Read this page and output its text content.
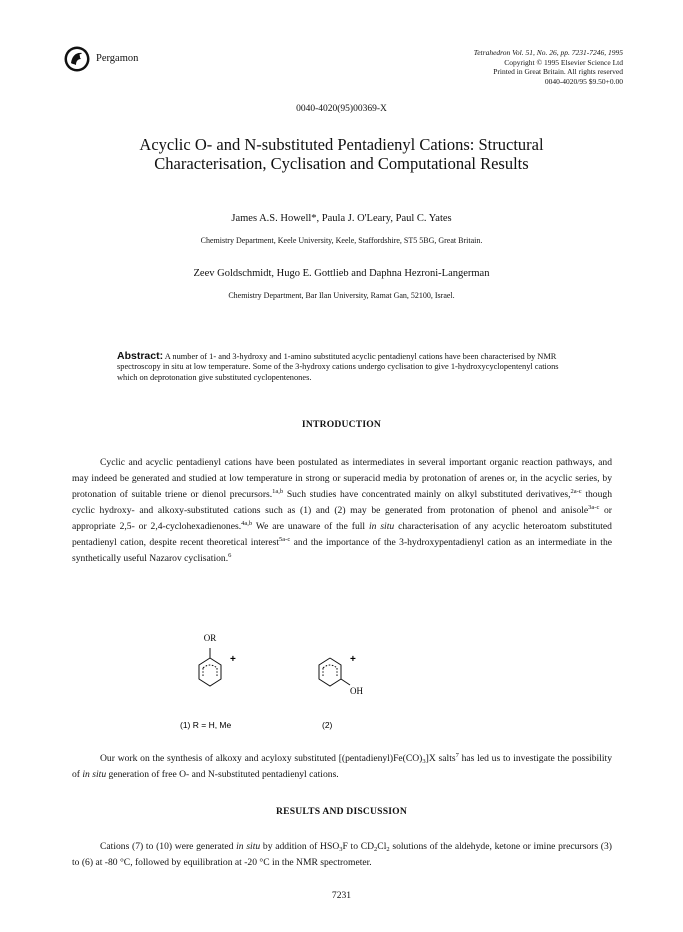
Pergamon
Tetrahedron Vol. 51, No. 26, pp. 7231-7246, 1995
Copyright © 1995 Elsevier Science Ltd
Printed in Great Britain. All rights reserved
0040-4020/95 $9.50+0.00
0040-4020(95)00369-X
Acyclic O- and N-substituted Pentadienyl Cations: Structural
Characterisation, Cyclisation and Computational Results
James A.S. Howell*, Paula J. O'Leary, Paul C. Yates
Chemistry Department, Keele University, Keele, Staffordshire, ST5 5BG, Great Britain.
Zeev Goldschmidt, Hugo E. Gottlieb and Daphna Hezroni-Langerman
Chemistry Department, Bar Ilan University, Ramat Gan, 52100, Israel.
Abstract: A number of 1- and 3-hydroxy and 1-amino substituted acyclic pentadienyl cations have been characterised by NMR spectroscopy in situ at low temperature. Some of the 3-hydroxy cations undergo cyclisation to give 1-hydroxycyclopentenyl cations which on deprotonation give substituted cyclopentenones.
INTRODUCTION

Cyclic and acyclic pentadienyl cations have been postulated as intermediates in several important organic reaction pathways, and may indeed be generated and studied at low temperature in strong or superacid media by protonation of arenes or, in the acyclic series, by protonation of suitable triene or dienol precursors.$^{1a,b}$ Such studies have concentrated mainly on alkyl substituted derivatives,$^{2a-c}$ though cyclic hydroxy- and alkoxy-substituted cations such as (1) and (2) may be generated from protonation of phenol and anisole$^{3a-c}$ or appropriate 2,5- or 2,4-cyclohexadienones.$^{4a,b}$ We are unaware of the full in situ characterisation of any acyclic heteroatom substituted pentadienyl cation, despite recent theoretical interest$^{5a-c}$ and the importance of the 3-hydroxypentadienyl cation as an intermediate in the synthetically useful Nazarov cyclisation.$^6$

OR
+
(1) R = H, Me
+
OH
(2)

Our work on the synthesis of alkoxy and acyloxy substituted $[(pentadienyl)Fe(CO)_3]X$ salts$^7$ has led us to investigate the possibility of in situ generation of free O- and N-substituted pentadienyl cations.

RESULTS AND DISCUSSION

Cations (7) to (10) were generated in situ by addition of $HSO_3F$ to $CD_2Cl_2$ solutions of the aldehyde, ketone or imine precursors (3) to (6) at -80 °C, followed by equilibration at -20 °C in the NMR spectrometer.

7231
